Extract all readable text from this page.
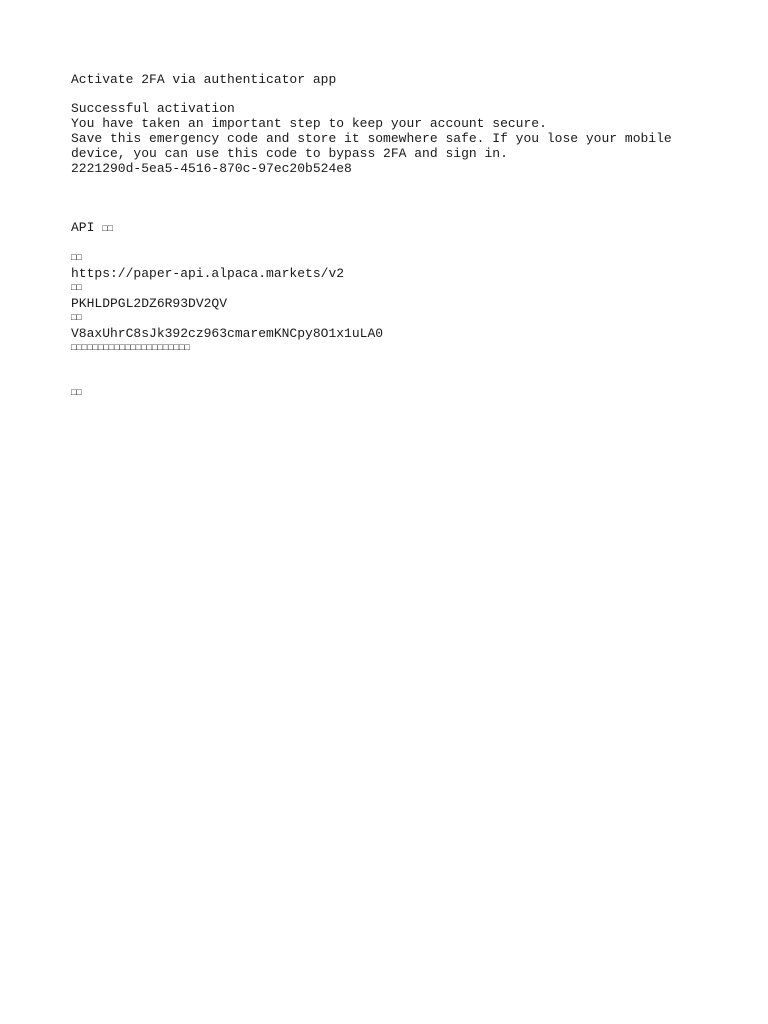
Activate 2FA via authenticator app
Successful activation
You have taken an important step to keep your account secure.
Save this emergency code and store it somewhere safe. If you lose your mobile device, you can use this code to bypass 2FA and sign in.
2221290d-5ea5-4516-870c-97ec20b524e8
API □□
□□
https://paper-api.alpaca.markets/v2
□□
PKHLDPGL2DZ6R93DV2QV
□□
V8axUhrC8sJk392cz963cmaremKNCpy8O1x1uLA0
□□□□□□□□□□□□□□□□□□□□□□
□□
